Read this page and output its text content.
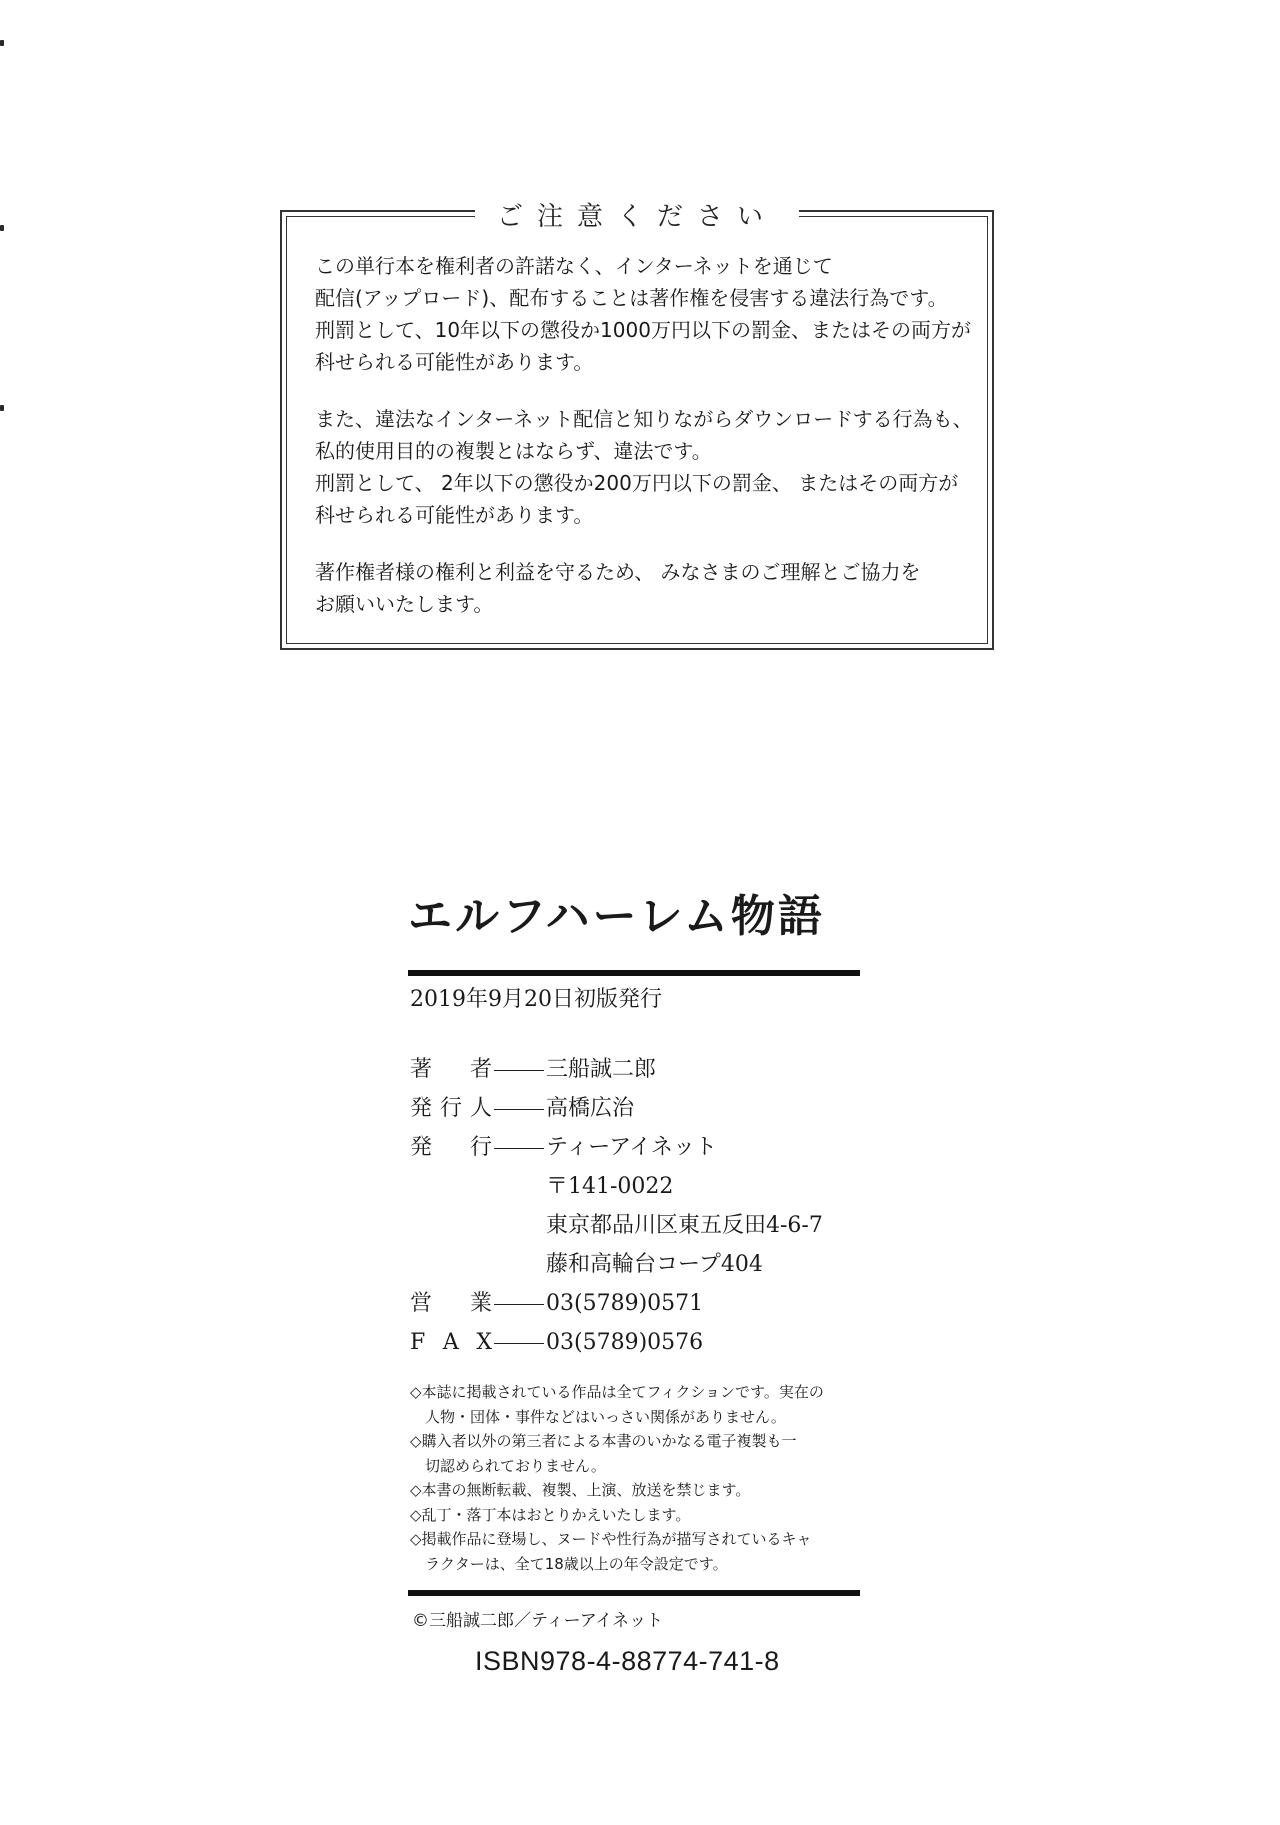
ご注意ください
この単行本を権利者の許諾なく、インターネットを通じて
配信(アップロード)、配布することは著作権を侵害する違法行為です。
刑罰として、10年以下の懲役か1000万円以下の罰金、またはその両方が
科せられる可能性があります。
また、違法なインターネット配信と知りながらダウンロードする行為も、
私的使用目的の複製とはならず、違法です。
刑罰として、 2年以下の懲役か200万円以下の罰金、 またはその両方が
科せられる可能性があります。
著作権者様の権利と利益を守るため、 みなさまのご理解とご協力を
お願いいたします。
エルフハーレム物語
2019年9月20日初版発行
著　者 三船誠二郎
発行人 高橋広治
発　行 ティーアイネット
〒141-0022
東京都品川区東五反田4-6-7
藤和高輪台コープ404
営　業 03(5789)0571
F A X 03(5789)0576
◇本誌に掲載されている作品は全てフィクションです。実在の
　人物・団体・事件などはいっさい関係がありません。
◇購入者以外の第三者による本書のいかなる電子複製も一
　切認められておりません。
◇本書の無断転載、複製、上演、放送を禁じます。
◇乱丁・落丁本はおとりかえいたします。
◇掲載作品に登場し、ヌードや性行為が描写されているキャ
　ラクターは、全て18歳以上の年令設定です。
©三船誠二郎／ティーアイネット
ISBN978-4-88774-741-8
